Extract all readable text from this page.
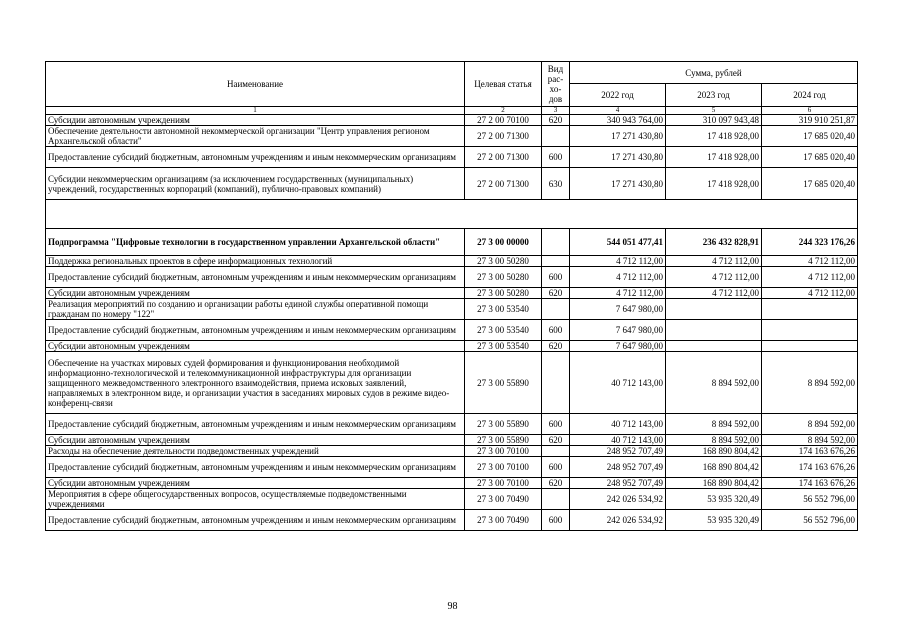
Наименование	Целевая статья	Вид рас-хо-дов	Сумма, рублей		
			2022 год	2023 год	2024 год
1	2	3	4	5	6
Субсидии автономным учреждениям	27 2 00 70100	620	340 943 764,00	310 097 943,48	319 910 251,87
Обеспечение деятельности автономной некоммерческой организации "Центр управления регионом Архангельской области"	27 2 00 71300		17 271 430,80	17 418 928,00	17 685 020,40
Предоставление субсидий бюджетным, автономным учреждениям и иным некоммерческим организациям	27 2 00 71300	600	17 271 430,80	17 418 928,00	17 685 020,40
Субсидии некоммерческим организациям (за исключением государственных (муниципальных) учреждений, государственных корпораций (компаний), публично-правовых компаний)	27 2 00 71300	630	17 271 430,80	17 418 928,00	17 685 020,40

Подпрограмма "Цифровые технологии в государственном управлении Архангельской области"	27 3 00 00000		544 051 477,41	236 432 828,91	244 323 176,26
Поддержка региональных проектов в сфере информационных технологий	27 3 00 50280		4 712 112,00	4 712 112,00	4 712 112,00
Предоставление субсидий бюджетным, автономным учреждениям и иным некоммерческим организациям	27 3 00 50280	600	4 712 112,00	4 712 112,00	4 712 112,00
Субсидии автономным учреждениям	27 3 00 50280	620	4 712 112,00	4 712 112,00	4 712 112,00
Реализация мероприятий по созданию и организации работы единой службы оперативной помощи гражданам по номеру "122"	27 3 00 53540		7 647 980,00		
Предоставление субсидий бюджетным, автономным учреждениям и иным некоммерческим организациям	27 3 00 53540	600	7 647 980,00		
Субсидии автономным учреждениям	27 3 00 53540	620	7 647 980,00		
Обеспечение на участках мировых судей формирования и функционирования необходимой информационно-технологической и телекоммуникационной инфраструктуры для организации защищенного межведомственного электронного взаимодействия, приема исковых заявлений, направляемых в электронном виде, и организации участия в заседаниях мировых судов в режиме видео-конференц-связи	27 3 00 55890		40 712 143,00	8 894 592,00	8 894 592,00
Предоставление субсидий бюджетным, автономным учреждениям и иным некоммерческим организациям	27 3 00 55890	600	40 712 143,00	8 894 592,00	8 894 592,00
Субсидии автономным учреждениям	27 3 00 55890	620	40 712 143,00	8 894 592,00	8 894 592,00
Расходы на обеспечение деятельности подведомственных учреждений	27 3 00 70100		248 952 707,49	168 890 804,42	174 163 676,26
Предоставление субсидий бюджетным, автономным учреждениям и иным некоммерческим организациям	27 3 00 70100	600	248 952 707,49	168 890 804,42	174 163 676,26
Субсидии автономным учреждениям	27 3 00 70100	620	248 952 707,49	168 890 804,42	174 163 676,26
Мероприятия в сфере общегосударственных вопросов, осуществляемые подведомственными учреждениями	27 3 00 70490		242 026 534,92	53 935 320,49	56 552 796,00
Предоставление субсидий бюджетным, автономным учреждениям и иным некоммерческим организациям	27 3 00 70490	600	242 026 534,92	53 935 320,49	56 552 796,00
98
